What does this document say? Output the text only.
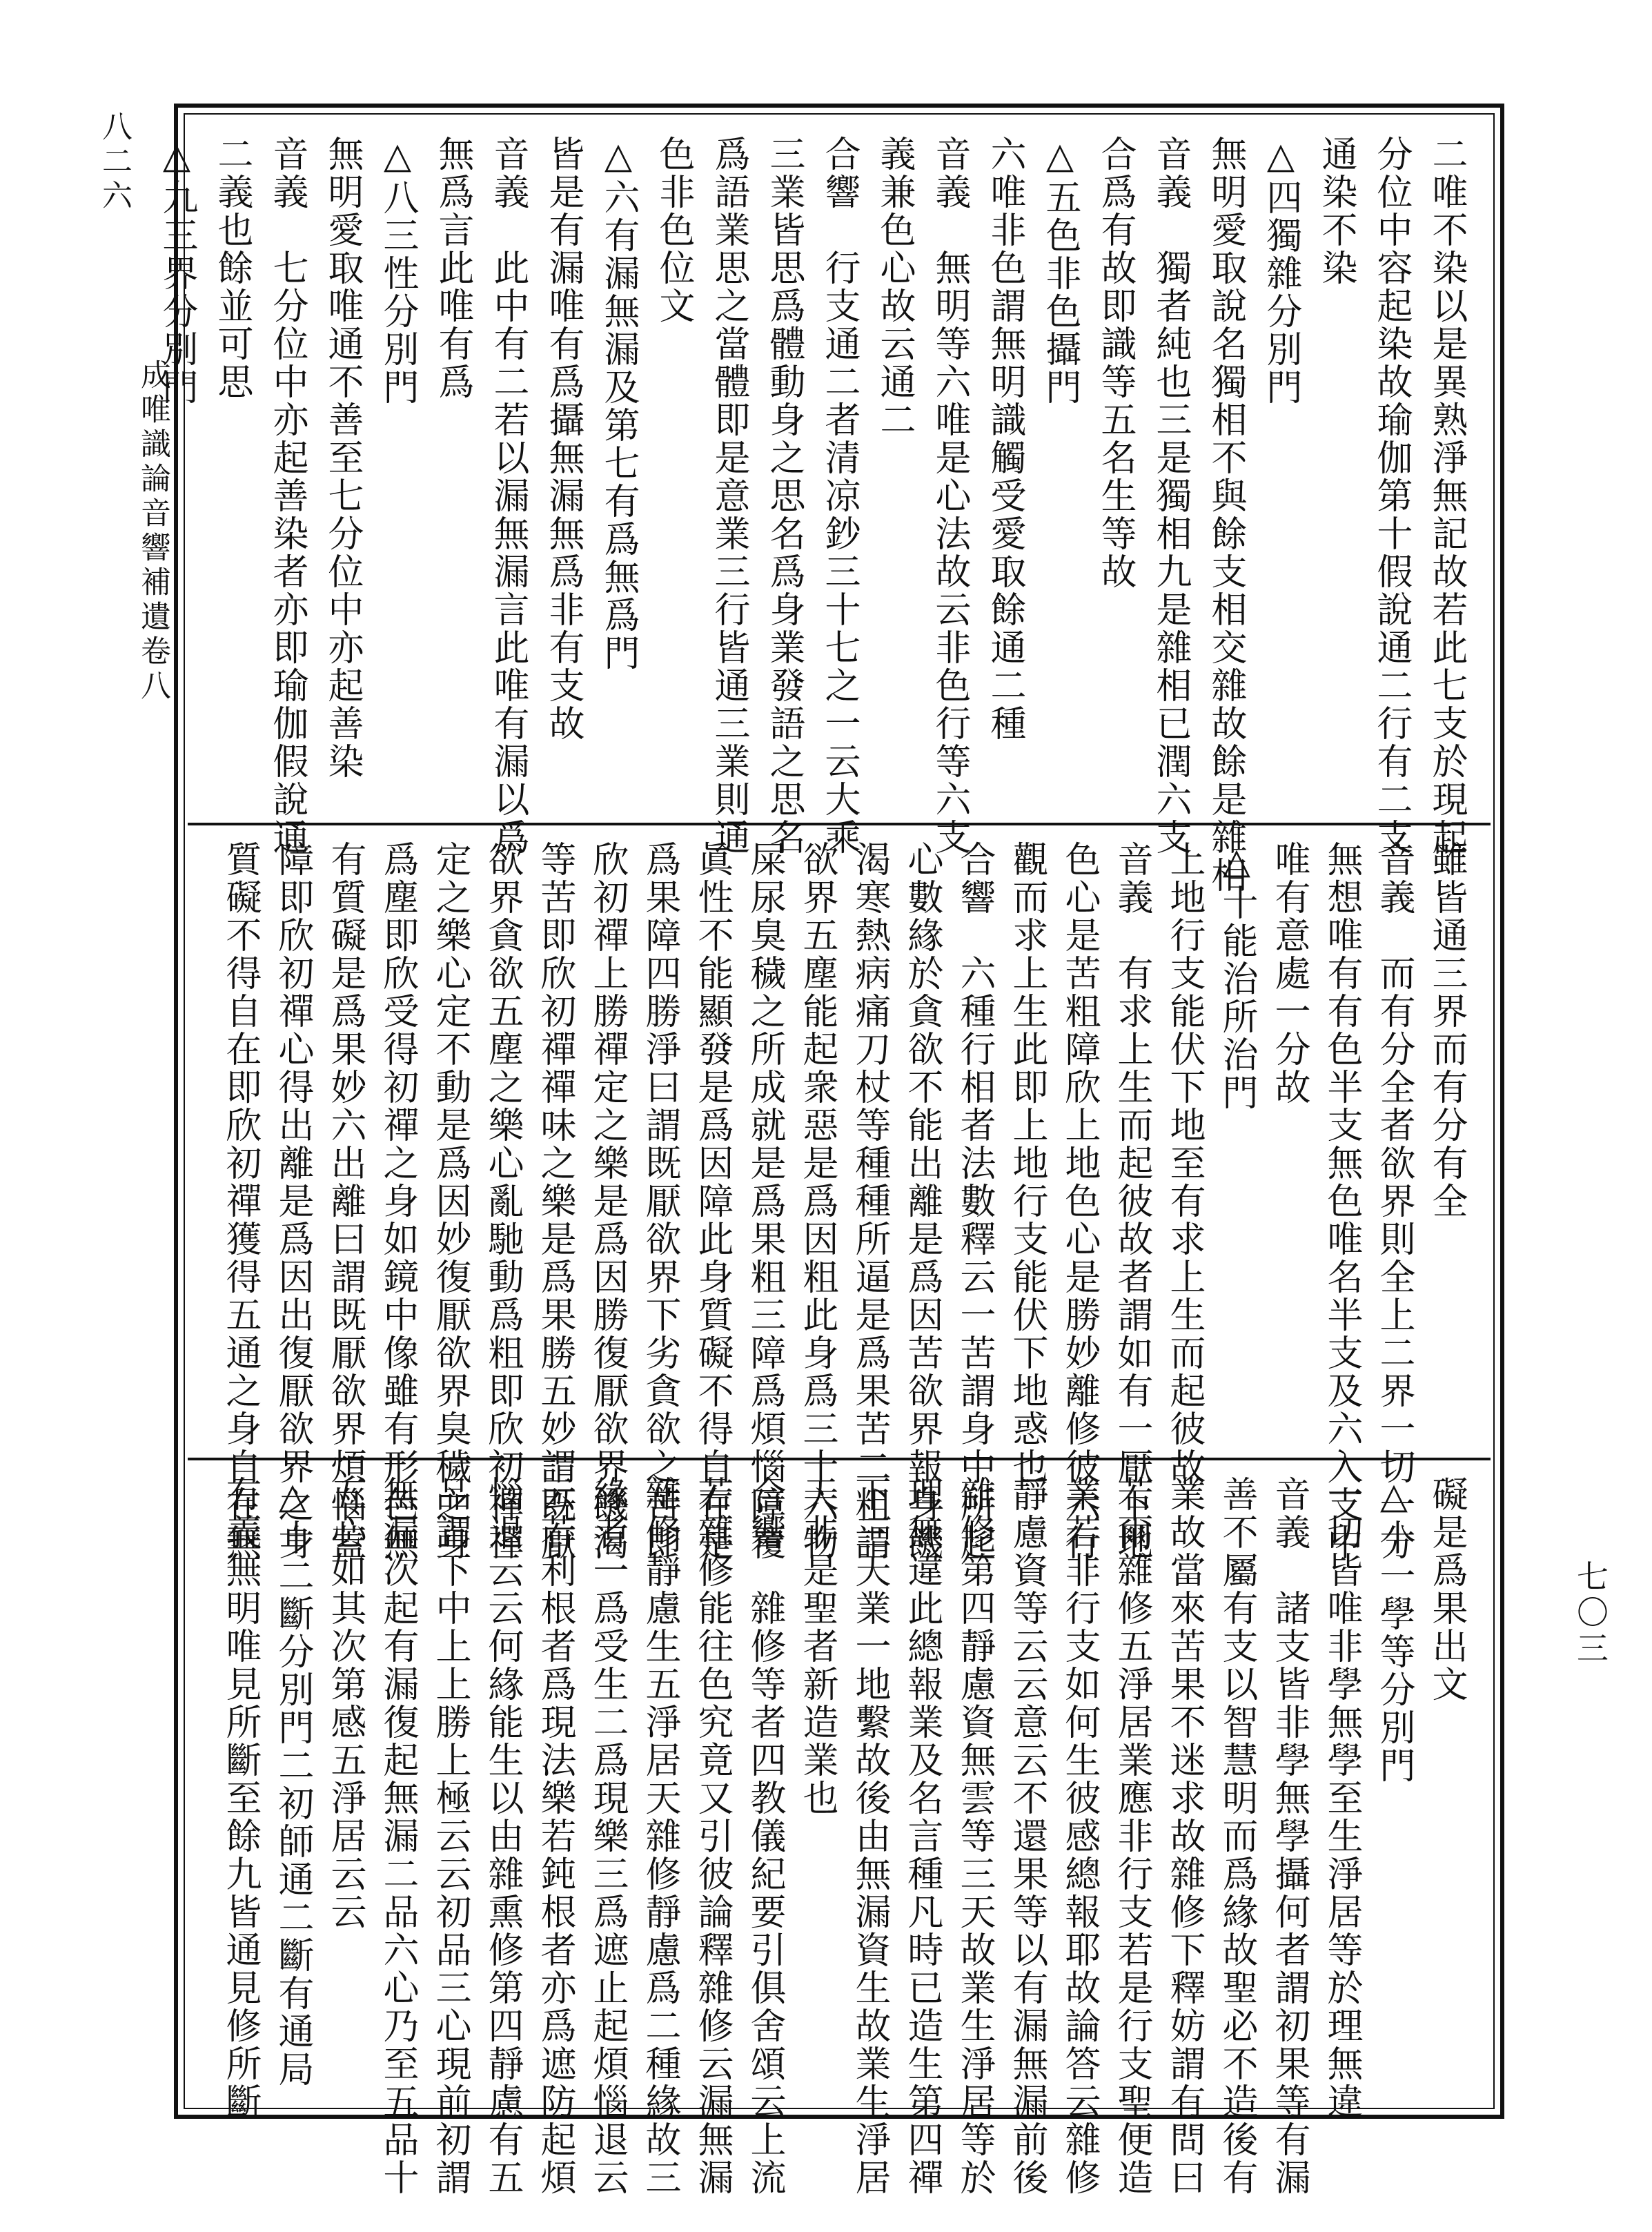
八二六
成唯識論音響補遺卷八
七〇三
二唯不染以是異熟淨無記故若此七支於現起
分位中容起染故瑜伽第十假說通二行有二支
通染不染
△四獨雜分別門
無明愛取說名獨相不與餘支相交雜故餘是雜相
音義　獨者純也三是獨相九是雜相已潤六支
合爲有故即識等五名生等故
△五色非色攝門
六唯非色謂無明識觸受愛取餘通二種
音義　無明等六唯是心法故云非色行等六支
義兼色心故云通二
合響　行支通二者清凉鈔三十七之一云大乘
三業皆思爲體動身之思名爲身業發語之思名
爲語業思之當體即是意業三行皆通三業則通
色非色位文
△六有漏無漏及第七有爲無爲門
皆是有漏唯有爲攝無漏無爲非有支故
音義　此中有二若以漏無漏言此唯有漏以爲
無爲言此唯有爲
△八三性分別門
無明愛取唯通不善至七分位中亦起善染
音義　七分位中亦起善染者亦即瑜伽假說通
二義也餘並可思
△九三界分別門
雖皆通三界而有分有全
音義　而有分全者欲界則全上二界一切一分
無想唯有有色半支無色唯名半支及六入支中
唯有意處一分故
△十能治所治門
上地行支能伏下地至有求上生而起彼故
音義　有求上生而起彼故者謂如有一厭下地
色心是苦粗障欣上地色心是勝妙離修彼六行
觀而求上生此即上地行支能伏下地惑也
合響　六種行相者法數釋云一苦謂身中所起
心數緣於貪欲不能出離是爲因苦欲界報身饑
渴寒熱病痛刀杖等種種所逼是爲果苦二粗謂
欲界五塵能起衆惡是爲因粗此身爲三十六物
屎尿臭穢之所成就是爲果粗三障爲煩惱障覆
眞性不能顯發是爲因障此身質礙不得自在是
爲果障四勝淨曰謂既厭欲界下劣貪欲之苦即
欣初禪上勝禪定之樂是爲因勝復厭欲界饑渴
等苦即欣初禪禪味之樂是爲果勝五妙謂既厭
欲界貪欲五塵之樂心亂馳動爲粗即欣初禪禪
定之樂心定不動是爲因妙復厭欲界臭穢之身
爲塵即欣受得初禪之身如鏡中像雖有形色無
有質礙是爲果妙六出離曰謂既厭欲界煩惱蓋
障即欣初禪心得出離是爲因出復厭欲界之身
質礙不得自在即欣初禪獲得五通之身自在無
礙是爲果出文
△十一學等分別門
一切皆唯非學無學至生淨居等於理無違
音義　諸支皆非學無學攝何者謂初果等有漏
善不屬有支以智慧明而爲緣故聖必不造後有
業故當來苦果不迷求故雜修下釋妨謂有問曰
若爾雜修五淨居業應非行支若是行支聖便造
業若非行支如何生彼感總報耶故論答云雜修
靜慮資等云云意云不還果等以有漏無漏前後
雜修第四靜慮資無雲等三天故業生淨居等於
理無違此總報業及名言種凡時已造生第四禪
下三天業一地繫故後由無漏資生故業生淨居
天非是聖者新造業也
合響　雜修等者四教儀紀要引俱舍頌云上流
若雜修能往色究竟又引彼論釋雜修云漏無漏
雜修靜慮生五淨居天雜修靜慮爲二種緣故三
緣者一爲受生二爲現樂三爲遮止起煩惱退云
云若利根者爲現法樂若鈍根者亦爲遮防起煩
惱退云云何緣能生以由雜熏修第四靜慮有五
品謂下中上上勝上極云云初品三心現前初謂
無漏次起有漏復起無漏二品六心乃至五品十
五心如其次第感五淨居云云
△十二斷分別門二初師通二斷有通局
有義無明唯見所斷至餘九皆通見修所斷
